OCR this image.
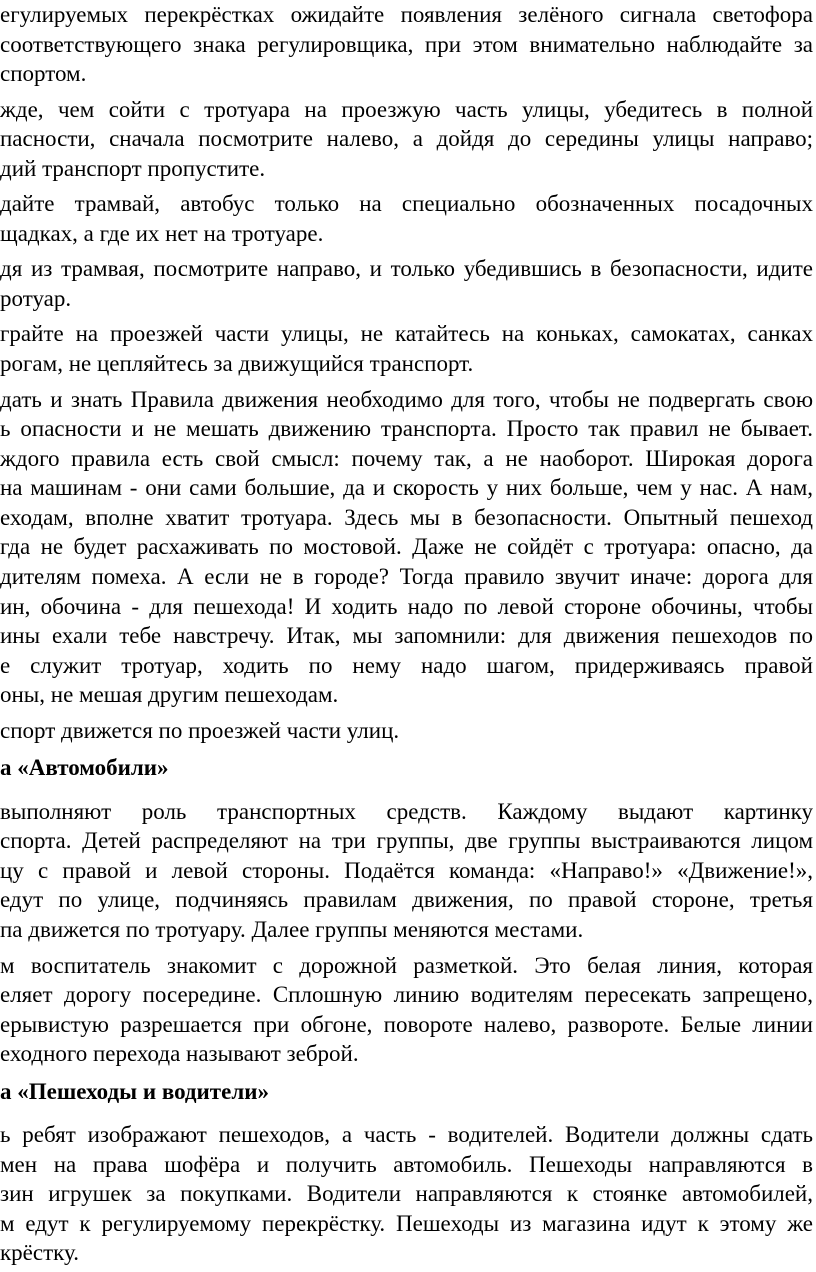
егулируемых перекрёстках ожидайте появления зелёного сигнала светофора
соответствующего знака регулировщика, при этом внимательно наблюдайте за
спортом.
жде, чем сойти с тротуара на проезжую часть улицы, убедитесь в полной
пасности, сначала посмотрите налево, а дойдя до середины улицы направо;
дий транспорт пропустите.
дайте трамвай, автобус только на специально обозначенных посадочных
щадках, а где их нет на тротуаре.
дя из трамвая, посмотрите направо, и только убедившись в безопасности, идите
ротуар.
грайте на проезжей части улицы, не катайтесь на коньках, самокатах, санках
рогам, не цепляйтесь за движущийся транспорт.
дать и знать Правила движения необходимо для того, чтобы не подвергать свою
ь опасности и не мешать движению транспорта. Просто так правил не бывает.
ждого правила есть свой смысл: почему так, а не наоборот. Широкая дорога
на машинам - они сами большие, да и скорость у них больше, чем у нас. А нам,
еходам, вполне хватит тротуара. Здесь мы в безопасности. Опытный пешеход
гда не будет расхаживать по мостовой. Даже не сойдёт с тротуара: опасно, да
дителям помеха. А если не в городе? Тогда правило звучит иначе: дорога для
ин, обочина - для пешехода! И ходить надо по левой стороне обочины, чтобы
ины ехали тебе навстречу. Итак, мы запомнили: для движения пешеходов по
е служит тротуар, ходить по нему надо шагом, придерживаясь правой
оны, не мешая другим пешеходам.
спорт движется по проезжей части улиц.
а «Автомобили»
выполняют роль транспортных средств. Каждому выдают картинку
спорта. Детей распределяют на три группы, две группы выстраиваются лицом
цу с правой и левой стороны. Подаётся команда: «Направо!» «Движение!»,
едут по улице, подчиняясь правилам движения, по правой стороне, третья
па движется по тротуару. Далее группы меняются местами.
м воспитатель знакомит с дорожной разметкой. Это белая линия, которая
еляет дорогу посередине. Сплошную линию водителям пересекать запрещено,
ерывистую разрешается при обгоне, повороте налево, развороте. Белые линии
еходного перехода называют зеброй.
а «Пешеходы и водители»
ь ребят изображают пешеходов, а часть - водителей. Водители должны сдать
мен на права шофёра и получить автомобиль. Пешеходы направляются в
зин игрушек за покупками. Водители направляются к стоянке автомобилей,
м едут к регулируемому перекрёстку. Пешеходы из магазина идут к этому же
крёстку.
